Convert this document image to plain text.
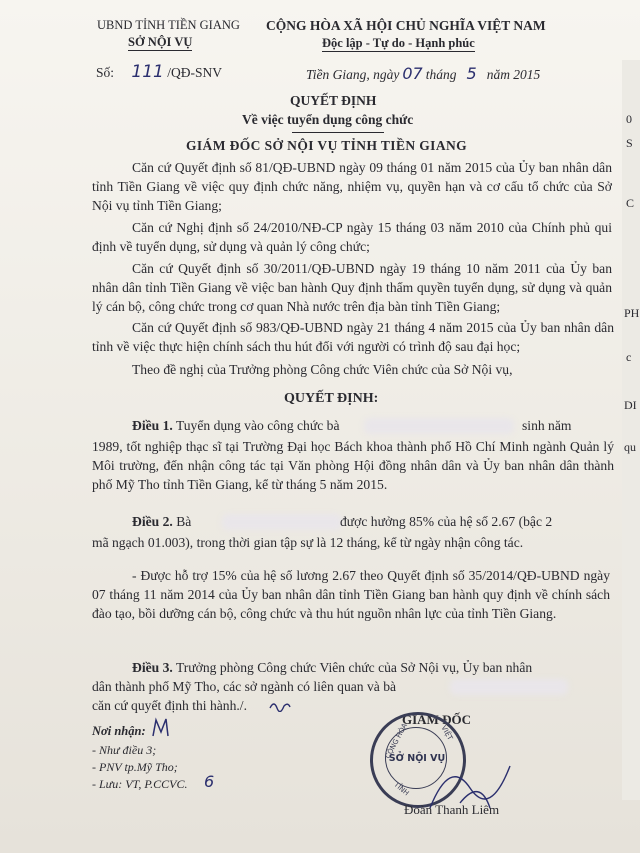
0
S
C
PH
c
DI
qu
UBND TỈNH TIỀN GIANG
SỞ NỘI VỤ
Số: 111 /QĐ-SNV
CỘNG HÒA XÃ HỘI CHỦ NGHĨA VIỆT NAM
Độc lập - Tự do - Hạnh phúc
Tiền Giang, ngày 07 tháng 5 năm 2015
QUYẾT ĐỊNH
Về việc tuyển dụng công chức
GIÁM ĐỐC SỞ NỘI VỤ TỈNH TIỀN GIANG
Căn cứ Quyết định số 81/QĐ-UBND ngày 09 tháng 01 năm 2015 của Ủy ban nhân dân tỉnh Tiền Giang về việc quy định chức năng, nhiệm vụ, quyền hạn và cơ cấu tổ chức của Sở Nội vụ tỉnh Tiền Giang;
Căn cứ Nghị định số 24/2010/NĐ-CP ngày 15 tháng 03 năm 2010 của Chính phủ qui định về tuyển dụng, sử dụng và quản lý công chức;
Căn cứ Quyết định số 30/2011/QĐ-UBND ngày 19 tháng 10 năm 2011 của Ủy ban nhân dân tỉnh Tiền Giang về việc ban hành Quy định thẩm quyền tuyển dụng, sử dụng và quản lý cán bộ, công chức trong cơ quan Nhà nước trên địa bàn tỉnh Tiền Giang;
Căn cứ Quyết định số 983/QĐ-UBND ngày 21 tháng 4 năm 2015 của Ủy ban nhân dân tỉnh về việc thực hiện chính sách thu hút đối với người có trình độ sau đại học;
Theo đề nghị của Trưởng phòng Công chức Viên chức của Sở Nội vụ,
QUYẾT ĐỊNH:
Điều 1. Tuyển dụng vào công chức bà	sinh năm
1989, tốt nghiệp thạc sĩ tại Trường Đại học Bách khoa thành phố Hồ Chí Minh ngành Quản lý Môi trường, đến nhận công tác tại Văn phòng Hội đồng nhân dân và Ủy ban nhân dân thành phố Mỹ Tho tỉnh Tiền Giang, kể từ tháng 5 năm 2015.
Điều 2. Bà	được hưởng 85% của hệ số 2.67 (bậc 2
mã ngạch 01.003), trong thời gian tập sự là 12 tháng, kể từ ngày nhận công tác.
- Được hỗ trợ 15% của hệ số lương 2.67 theo Quyết định số 35/2014/QĐ-UBND ngày 07 tháng 11 năm 2014 của Ủy ban nhân dân tỉnh Tiền Giang ban hành quy định về chính sách đào tạo, bồi dưỡng cán bộ, công chức và thu hút nguồn nhân lực của tỉnh Tiền Giang.
Điều 3. Trưởng phòng Công chức Viên chức của Sở Nội vụ, Ủy ban nhân
dân thành phố Mỹ Tho, các sở ngành có liên quan và bà
căn cứ quyết định thi hành./.
Nơi nhận:
- Như điều 3;
- PNV tp.Mỹ Tho;
- Lưu: VT, P.CCVC. 6
GIÁM ĐỐC
CỘNG HÒA	VIỆT
TỈNH
SỞ NỘI VỤ
Đoàn Thanh Liêm
